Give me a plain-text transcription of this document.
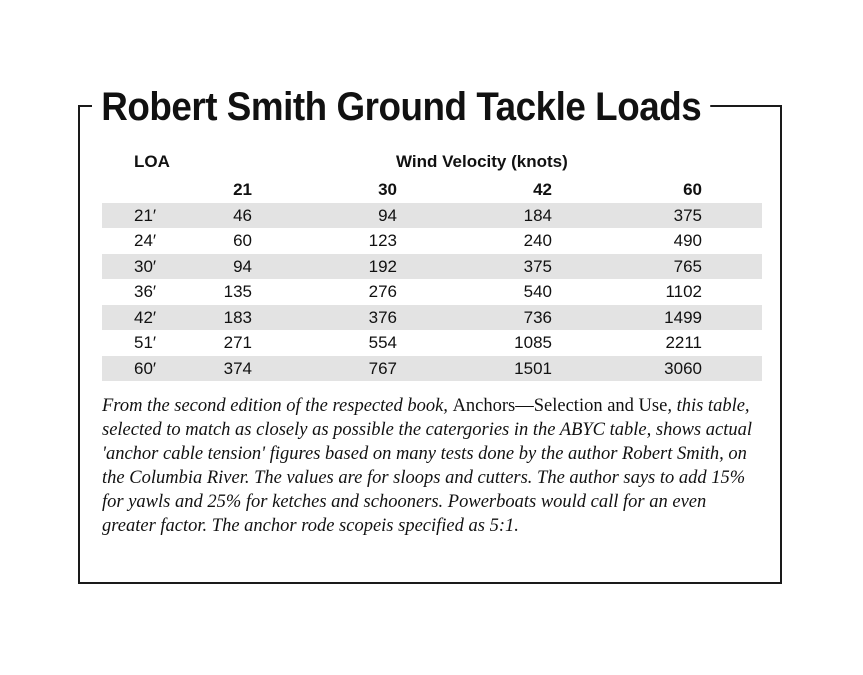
Robert Smith Ground Tackle Loads
LOA	Wind Velocity (knots)
	21	30	42	60	
21′	46	94	184	375	
24′	60	123	240	490	
30′	94	192	375	765	
36′	135	276	540	1102	
42′	183	376	736	1499	
51′	271	554	1085	2211	
60′	374	767	1501	3060	
From the second edition of the respected book, Anchors—Selection and Use, this table, selected to match as closely as possible the catergories in the ABYC table, shows actual 'anchor cable tension' figures based on many tests done by the author Robert Smith, on the Columbia River. The values are for sloops and cutters. The author says to add 15% for yawls and 25% for ketches and schooners. Powerboats would call for an even greater factor. The anchor rode scopeis specified as 5:1.
